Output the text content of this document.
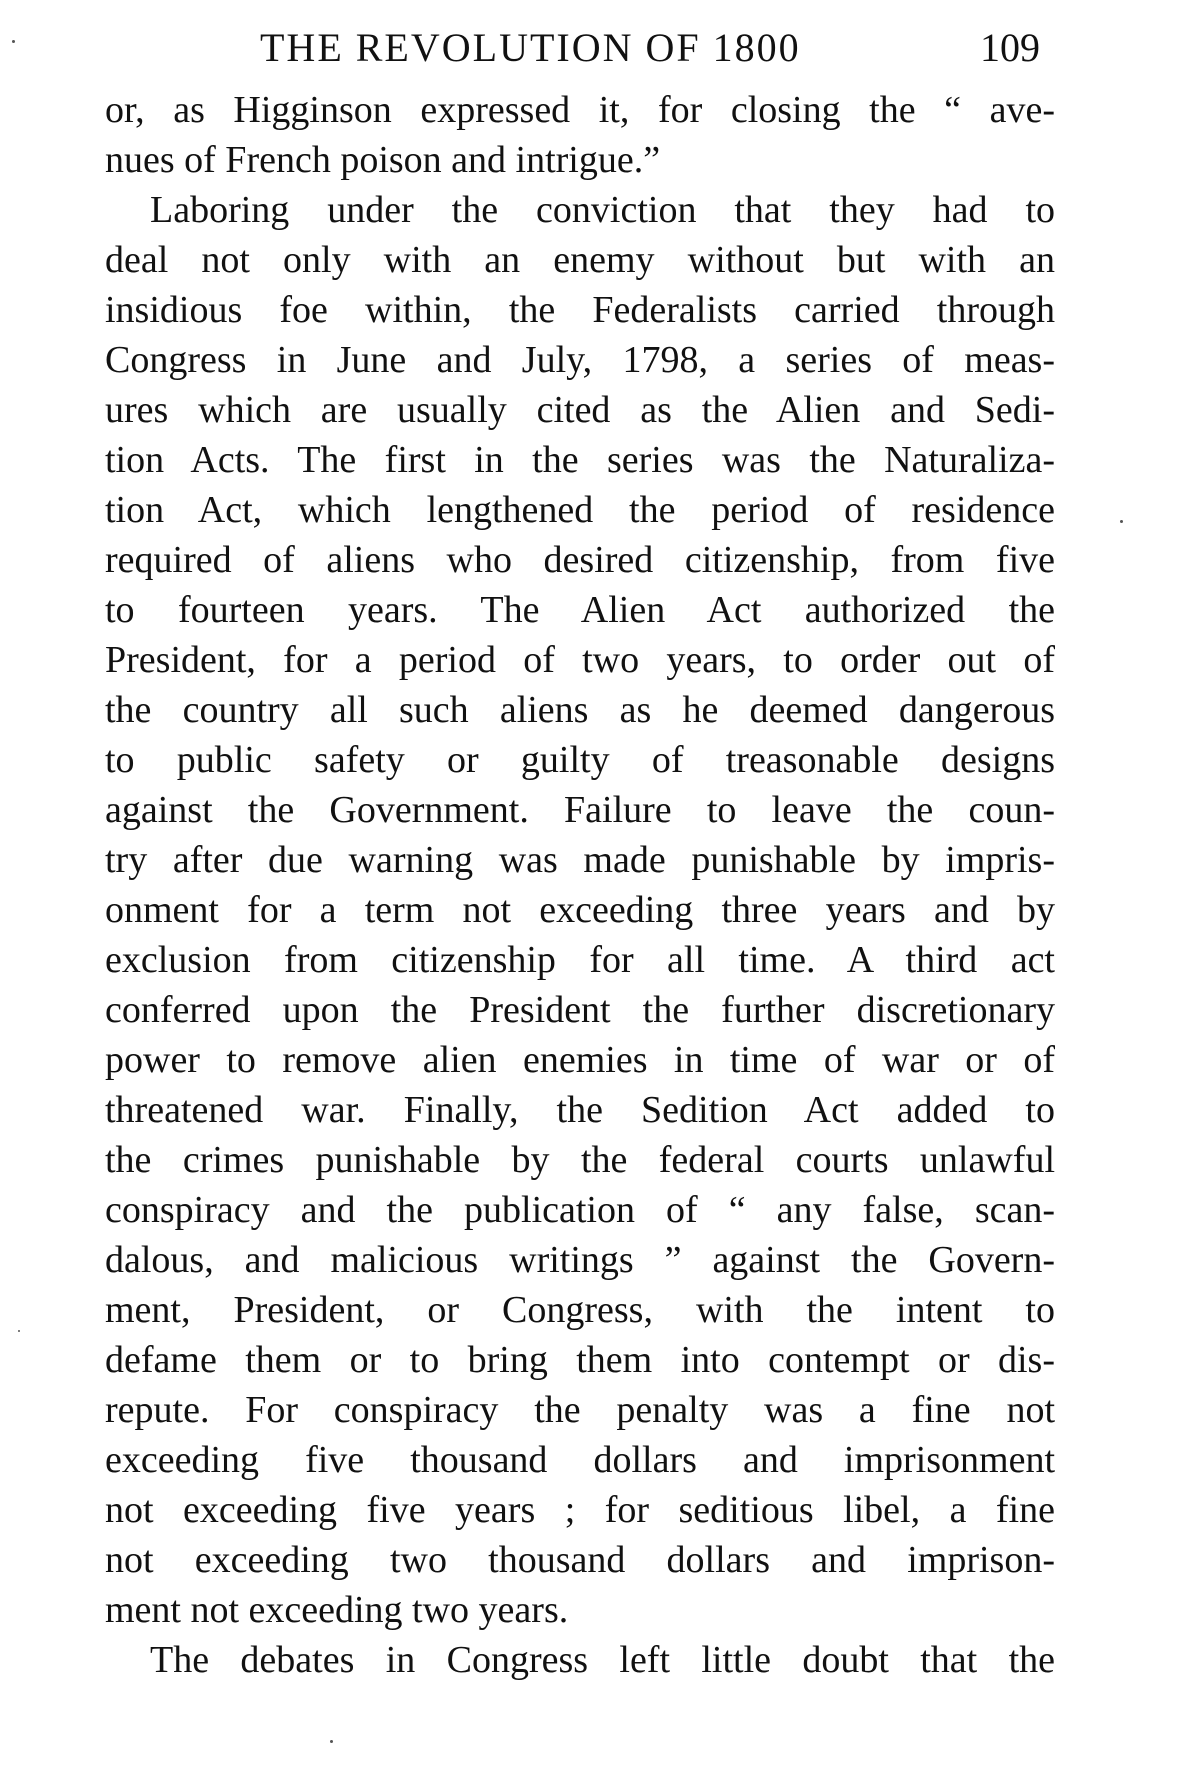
THE REVOLUTION OF 1800	109
or, as Higginson expressed it, for closing the “ ave-
nues of French poison and intrigue.”
Laboring under the conviction that they had to
deal not only with an enemy without but with an
insidious foe within, the Federalists carried through
Congress in June and July, 1798, a series of meas-
ures which are usually cited as the Alien and Sedi-
tion Acts. The first in the series was the Naturaliza-
tion Act, which lengthened the period of residence
required of aliens who desired citizenship, from five
to fourteen years. The Alien Act authorized the
President, for a period of two years, to order out of
the country all such aliens as he deemed dangerous
to public safety or guilty of treasonable designs
against the Government. Failure to leave the coun-
try after due warning was made punishable by impris-
onment for a term not exceeding three years and by
exclusion from citizenship for all time. A third act
conferred upon the President the further discretionary
power to remove alien enemies in time of war or of
threatened war. Finally, the Sedition Act added to
the crimes punishable by the federal courts unlawful
conspiracy and the publication of “ any false, scan-
dalous, and malicious writings ” against the Govern-
ment, President, or Congress, with the intent to
defame them or to bring them into contempt or dis-
repute. For conspiracy the penalty was a fine not
exceeding five thousand dollars and imprisonment
not exceeding five years ; for seditious libel, a fine
not exceeding two thousand dollars and imprison-
ment not exceeding two years.
The debates in Congress left little doubt that the
